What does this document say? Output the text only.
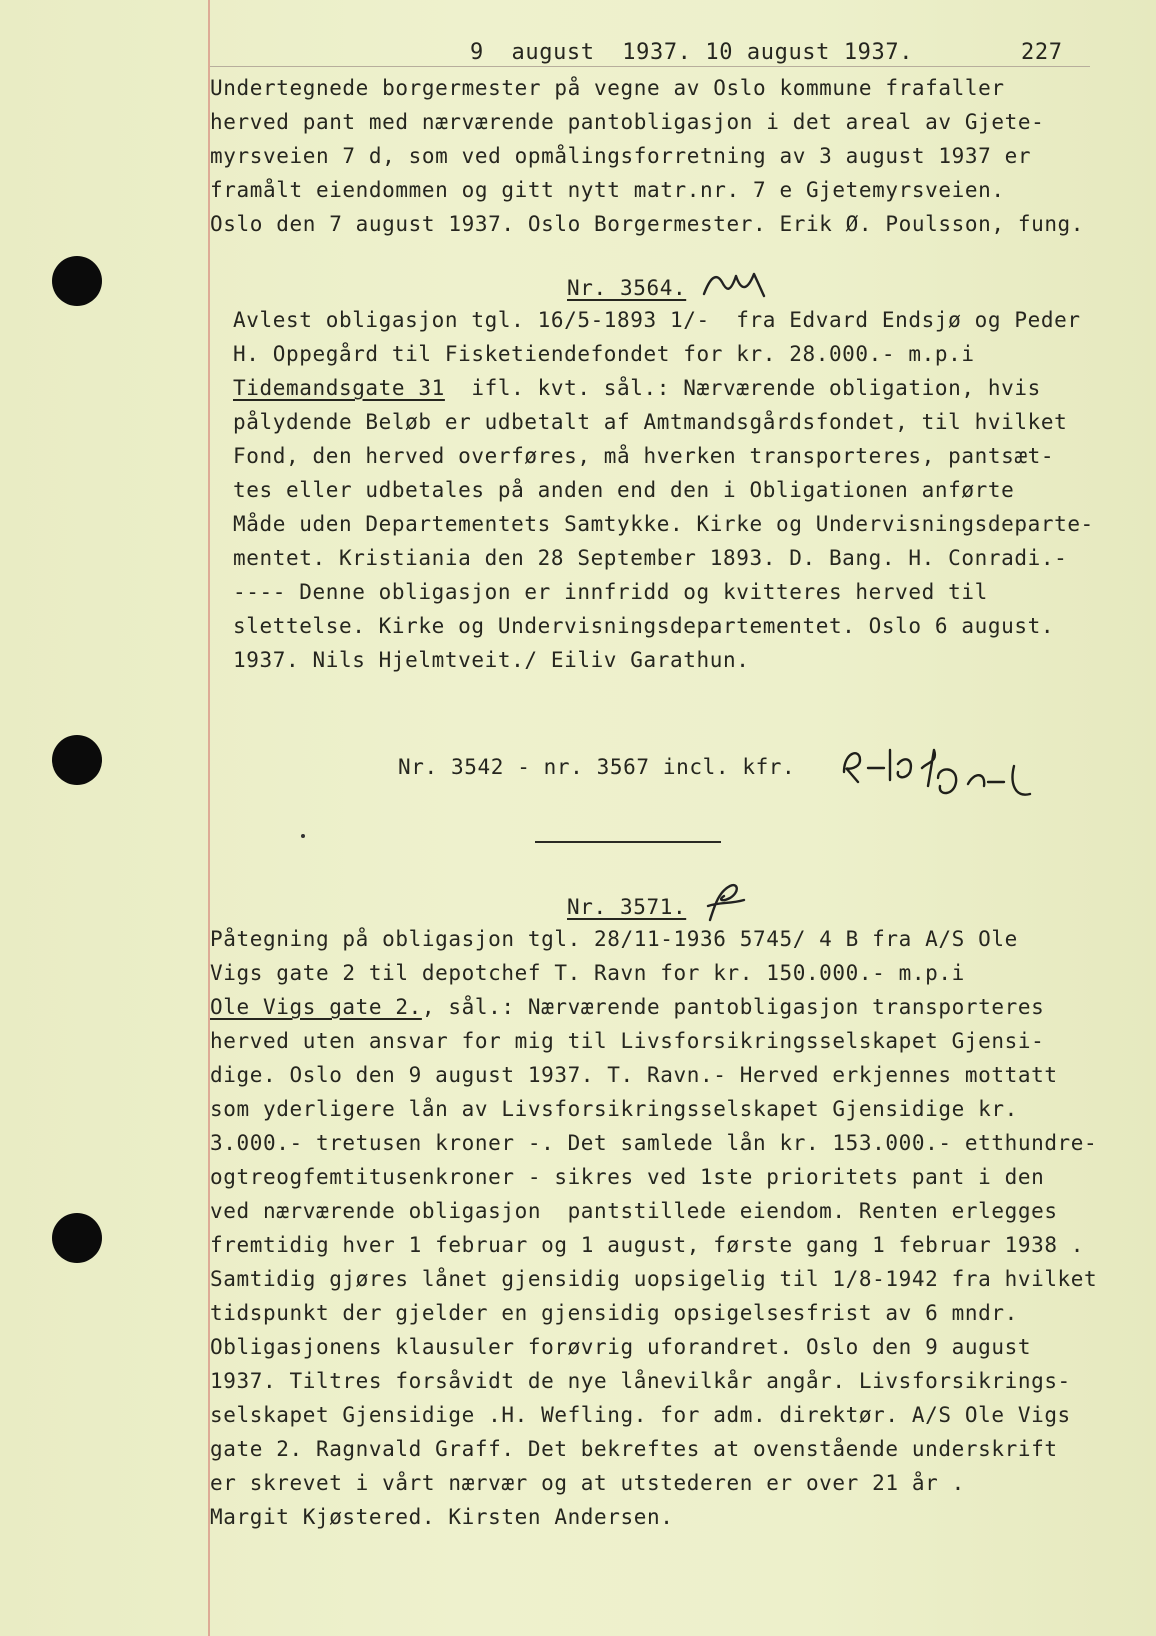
9  august  1937. 10 august 1937.	227
Undertegnede borgermester på vegne av Oslo kommune frafaller
herved pant med nærværende pantobligasjon i det areal av Gjete-
myrsveien 7 d, som ved opmålingsforretning av 3 august 1937 er
framålt eiendommen og gitt nytt matr.nr. 7 e Gjetemyrsveien.
Oslo den 7 august 1937. Oslo Borgermester. Erik Ø. Poulsson, fung.
Nr. 3564.
Avlest obligasjon tgl. 16/5-1893 1/-  fra Edvard Endsjø og Peder
H. Oppegård til Fisketiendefondet for kr. 28.000.- m.p.i
Tidemandsgate 31  ifl. kvt. sål.: Nærværende obligation, hvis
pålydende Beløb er udbetalt af Amtmandsgårdsfondet, til hvilket
Fond, den herved overføres, må hverken transporteres, pantsæt-
tes eller udbetales på anden end den i Obligationen anførte
Måde uden Departementets Samtykke. Kirke og Undervisningsdeparte-
mentet. Kristiania den 28 September 1893. D. Bang. H. Conradi.-
---- Denne obligasjon er innfridd og kvitteres herved til
slettelse. Kirke og Undervisningsdepartementet. Oslo 6 august.
1937. Nils Hjelmtveit./ Eiliv Garathun.
Nr. 3542 - nr. 3567 incl. kfr.
Nr. 3571.
Påtegning på obligasjon tgl. 28/11-1936 5745/ 4 B fra A/S Ole
Vigs gate 2 til depotchef T. Ravn for kr. 150.000.- m.p.i
Ole Vigs gate 2., sål.: Nærværende pantobligasjon transporteres
herved uten ansvar for mig til Livsforsikringsselskapet Gjensi-
dige. Oslo den 9 august 1937. T. Ravn.- Herved erkjennes mottatt
som yderligere lån av Livsforsikringsselskapet Gjensidige kr.
3.000.- tretusen kroner -. Det samlede lån kr. 153.000.- etthundre-
ogtreogfemtitusenkroner - sikres ved 1ste prioritets pant i den
ved nærværende obligasjon  pantstillede eiendom. Renten erlegges
fremtidig hver 1 februar og 1 august, første gang 1 februar 1938 .
Samtidig gjøres lånet gjensidig uopsigelig til 1/8-1942 fra hvilket
tidspunkt der gjelder en gjensidig opsigelsesfrist av 6 mndr.
Obligasjonens klausuler forøvrig uforandret. Oslo den 9 august
1937. Tiltres forsåvidt de nye lånevilkår angår. Livsforsikrings-
selskapet Gjensidige .H. Wefling. for adm. direktør. A/S Ole Vigs
gate 2. Ragnvald Graff. Det bekreftes at ovenstående underskrift
er skrevet i vårt nærvær og at utstederen er over 21 år .
Margit Kjøstered. Kirsten Andersen.
